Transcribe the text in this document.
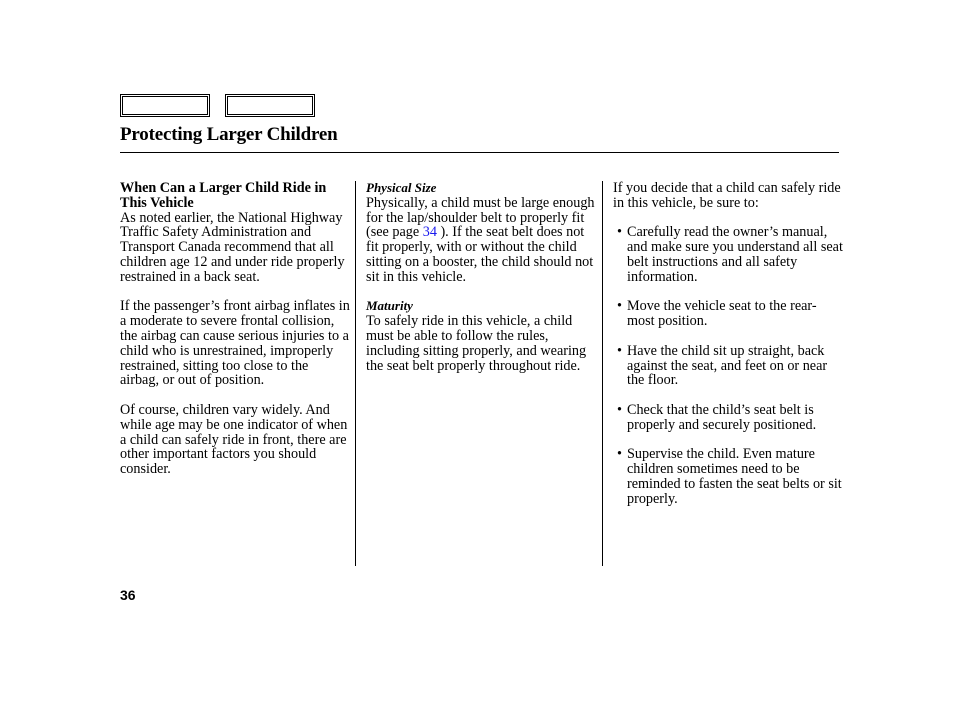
Protecting Larger Children
When Can a Larger Child Ride in This Vehicle
As noted earlier, the National Highway Traffic Safety Administration and Transport Canada recommend that all children age 12 and under ride properly restrained in a back seat.
If the passenger’s front airbag inflates in a moderate to severe frontal collision, the airbag can cause serious injuries to a child who is unrestrained, improperly restrained, sitting too close to the airbag, or out of position.
Of course, children vary widely. And while age may be one indicator of when a child can safely ride in front, there are other important factors you should consider.
Physical Size
Physically, a child must be large enough for the lap/shoulder belt to properly fit (see page 34 ). If the seat belt does not fit properly, with or without the child sitting on a booster, the child should not sit in this vehicle.
Maturity
To safely ride in this vehicle, a child must be able to follow the rules, including sitting properly, and wearing the seat belt properly throughout ride.
If you decide that a child can safely ride in this vehicle, be sure to:
• Carefully read the owner’s manual, and make sure you understand all seat belt instructions and all safety information.
• Move the vehicle seat to the rear-most position.
• Have the child sit up straight, back against the seat, and feet on or near the floor.
• Check that the child’s seat belt is properly and securely positioned.
• Supervise the child. Even mature children sometimes need to be reminded to fasten the seat belts or sit properly.
36
